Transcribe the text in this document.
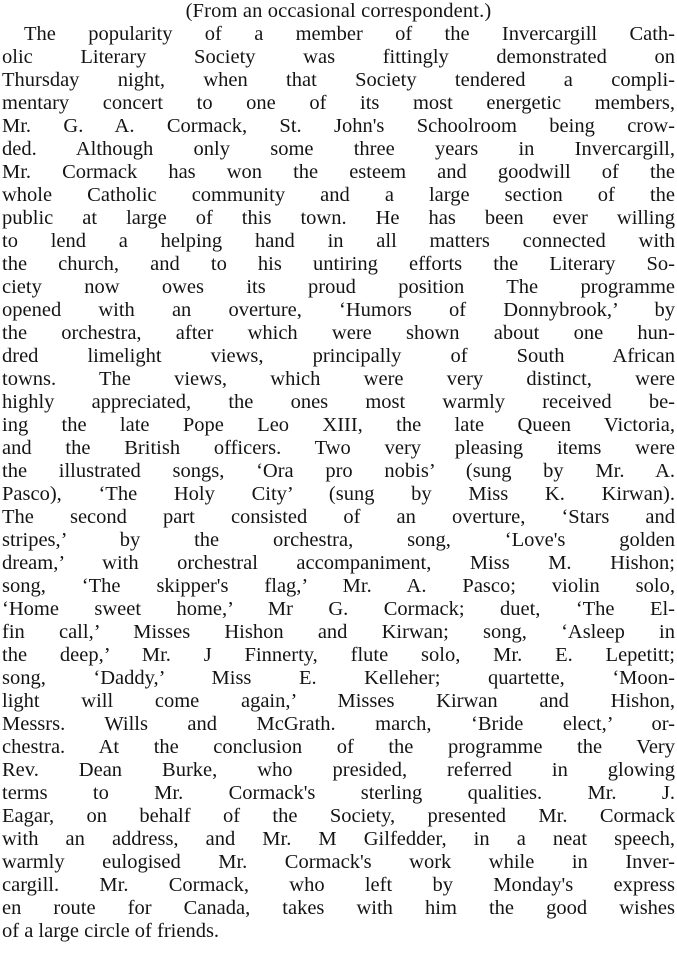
(From an occasional correspondent.)
The popularity of a member of the Invercargill Cath-
olic Literary Society was fittingly demonstrated on
Thursday night, when that Society tendered a compli-
mentary concert to one of its most energetic members,
Mr. G. A. Cormack, St. John's Schoolroom being crow-
ded. Although only some three years in Invercargill,
Mr. Cormack has won the esteem and goodwill of the
whole Catholic community and a large section of the
public at large of this town. He has been ever willing
to lend a helping hand in all matters connected with
the church, and to his untiring efforts the Literary So-
ciety now owes its proud position The programme
opened with an overture, ‘Humors of Donnybrook,’ by
the orchestra, after which were shown about one hun-
dred limelight views, principally of South African
towns. The views, which were very distinct, were
highly appreciated, the ones most warmly received be-
ing the late Pope Leo XIII, the late Queen Victoria,
and the British officers. Two very pleasing items were
the illustrated songs, ‘Ora pro nobis’ (sung by Mr. A.
Pasco), ‘The Holy City’ (sung by Miss K. Kirwan).
The second part consisted of an overture, ‘Stars and
stripes,’ by the orchestra, song, ‘Love's golden
dream,’ with orchestral accompaniment, Miss M. Hishon;
song, ‘The skipper's flag,’ Mr. A. Pasco; violin solo,
‘Home sweet home,’ Mr G. Cormack; duet, ‘The El-
fin call,’ Misses Hishon and Kirwan; song, ‘Asleep in
the deep,’ Mr. J Finnerty, flute solo, Mr. E. Lepetitt;
song, ‘Daddy,’ Miss E. Kelleher; quartette, ‘Moon-
light will come again,’ Misses Kirwan and Hishon,
Messrs. Wills and McGrath. march, ‘Bride elect,’ or-
chestra. At the conclusion of the programme the Very
Rev. Dean Burke, who presided, referred in glowing
terms to Mr. Cormack's sterling qualities. Mr. J.
Eagar, on behalf of the Society, presented Mr. Cormack
with an address, and Mr. M Gilfedder, in a neat speech,
warmly eulogised Mr. Cormack's work while in Inver-
cargill. Mr. Cormack, who left by Monday's express
en route for Canada, takes with him the good wishes
of a large circle of friends.
